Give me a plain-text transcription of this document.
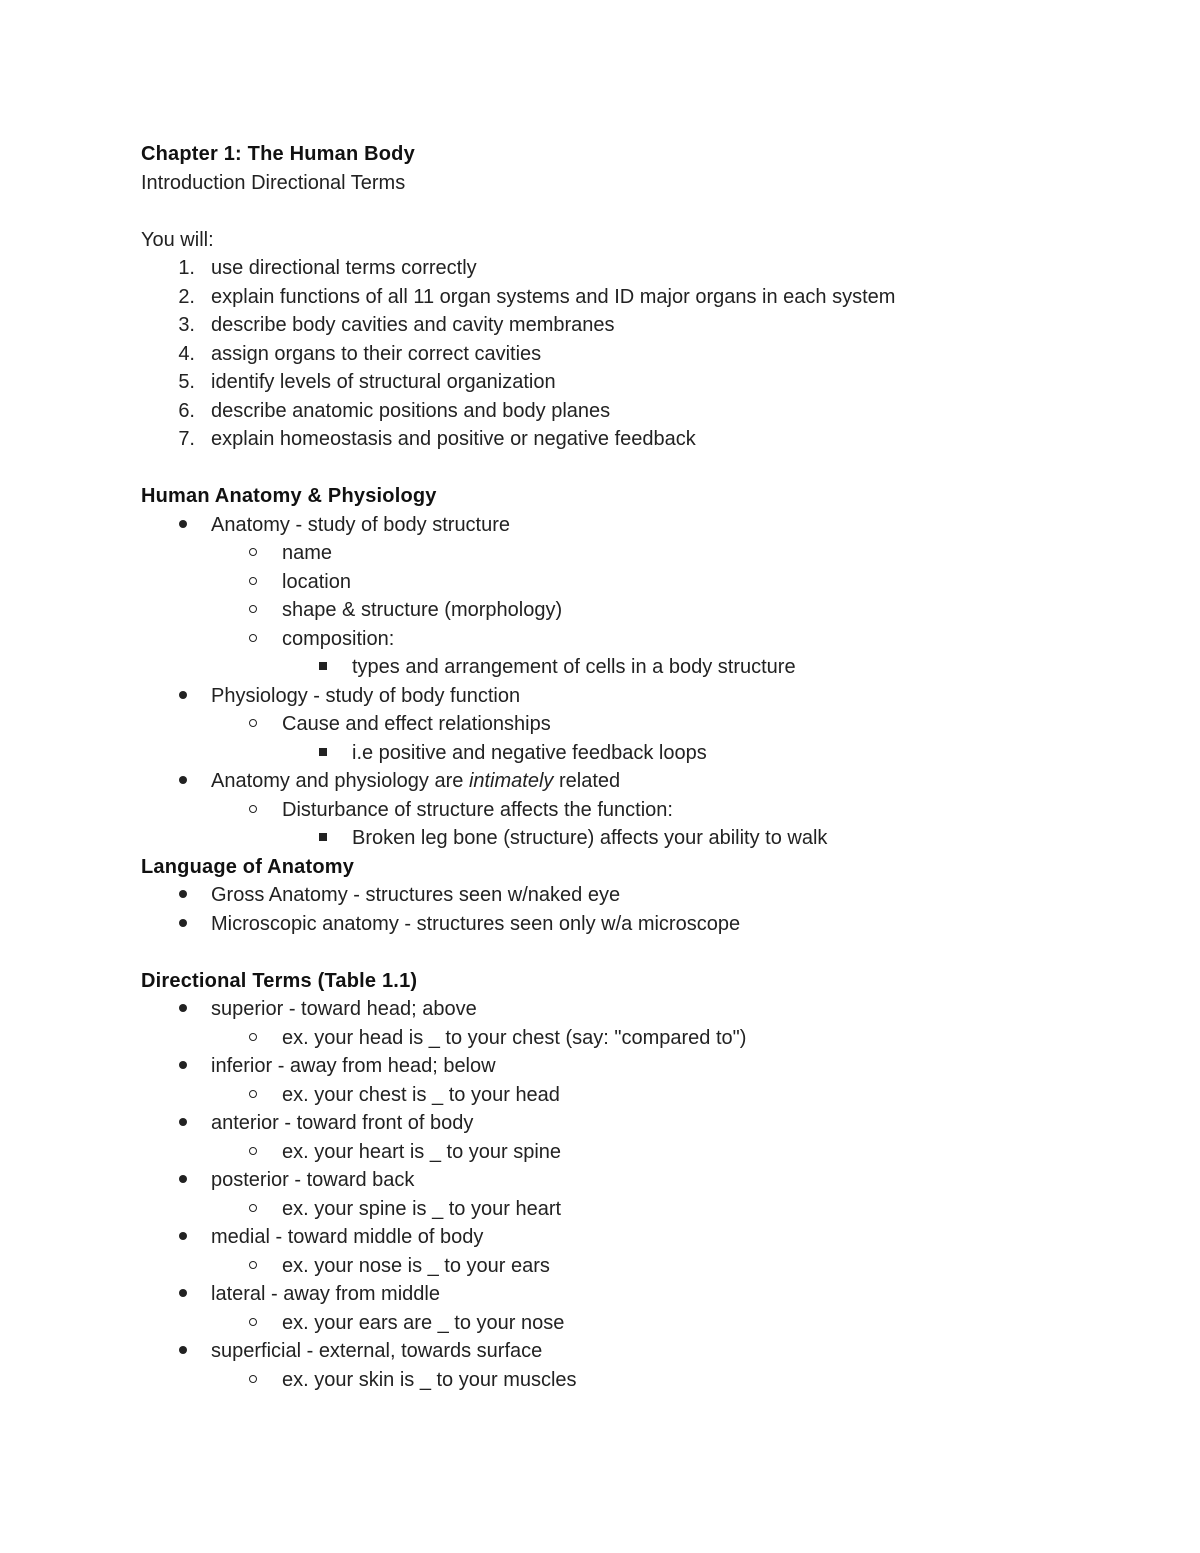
Chapter 1: The Human Body
Introduction Directional Terms
You will:
1. use directional terms correctly
2. explain functions of all 11 organ systems and ID major organs in each system
3. describe body cavities and cavity membranes
4. assign organs to their correct cavities
5. identify levels of structural organization
6. describe anatomic positions and body planes
7. explain homeostasis and positive or negative feedback
Human Anatomy & Physiology
Anatomy - study of body structure
name
location
shape & structure (morphology)
composition:
types and arrangement of cells in a body structure
Physiology - study of body function
Cause and effect relationships
i.e positive and negative feedback loops
Anatomy and physiology are intimately related
Disturbance of structure affects the function:
Broken leg bone (structure) affects your ability to walk
Language of Anatomy
Gross Anatomy - structures seen w/naked eye
Microscopic anatomy - structures seen only w/a microscope
Directional Terms (Table 1.1)
superior - toward head; above
ex. your head is _ to your chest (say: "compared to")
inferior - away from head; below
ex. your chest is _ to your head
anterior - toward front of body
ex. your heart is _ to your spine
posterior - toward back
ex. your spine is _ to your heart
medial - toward middle of body
ex. your nose is _ to your ears
lateral - away from middle
ex. your ears are _ to your nose
superficial - external, towards surface
ex. your skin is _ to your muscles
